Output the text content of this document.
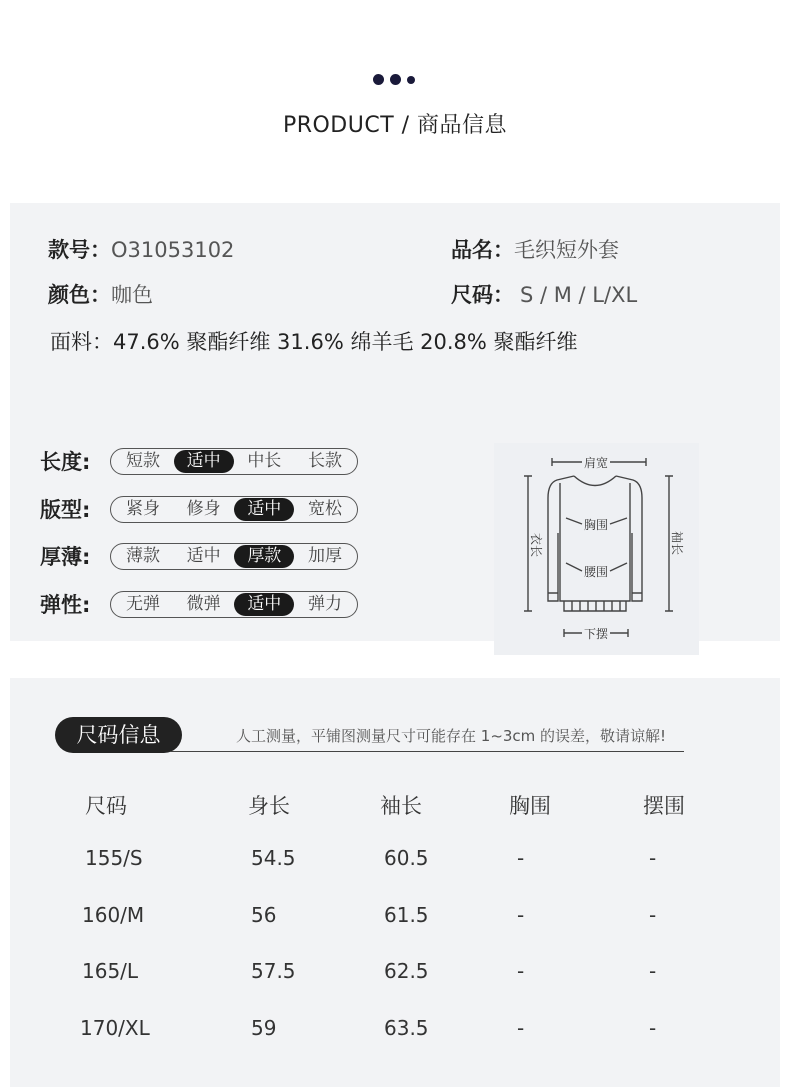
PRODUCT / 商品信息
款号：O31053102	品名：毛织短外套
颜色：咖色	尺码： S / M / L/XL
面料：47.6% 聚酯纤维 31.6% 绵羊毛 20.8% 聚酯纤维
长度:	短款	适中	中长	长款
版型:	紧身	修身	适中	宽松
厚薄:	薄款	适中	厚款	加厚
弹性:	无弹	微弹	适中	弹力
肩宽
胸围
腰围
下摆
衣长	袖长
尺码信息	人工测量，平铺图测量尺寸可能存在 1~3cm 的误差，敬请谅解!
尺码	身长	袖长	胸围	摆围
155/S	54.5	60.5	-	-
160/M	56	61.5	-	-
165/L	57.5	62.5	-	-
170/XL	59	63.5	-	-
